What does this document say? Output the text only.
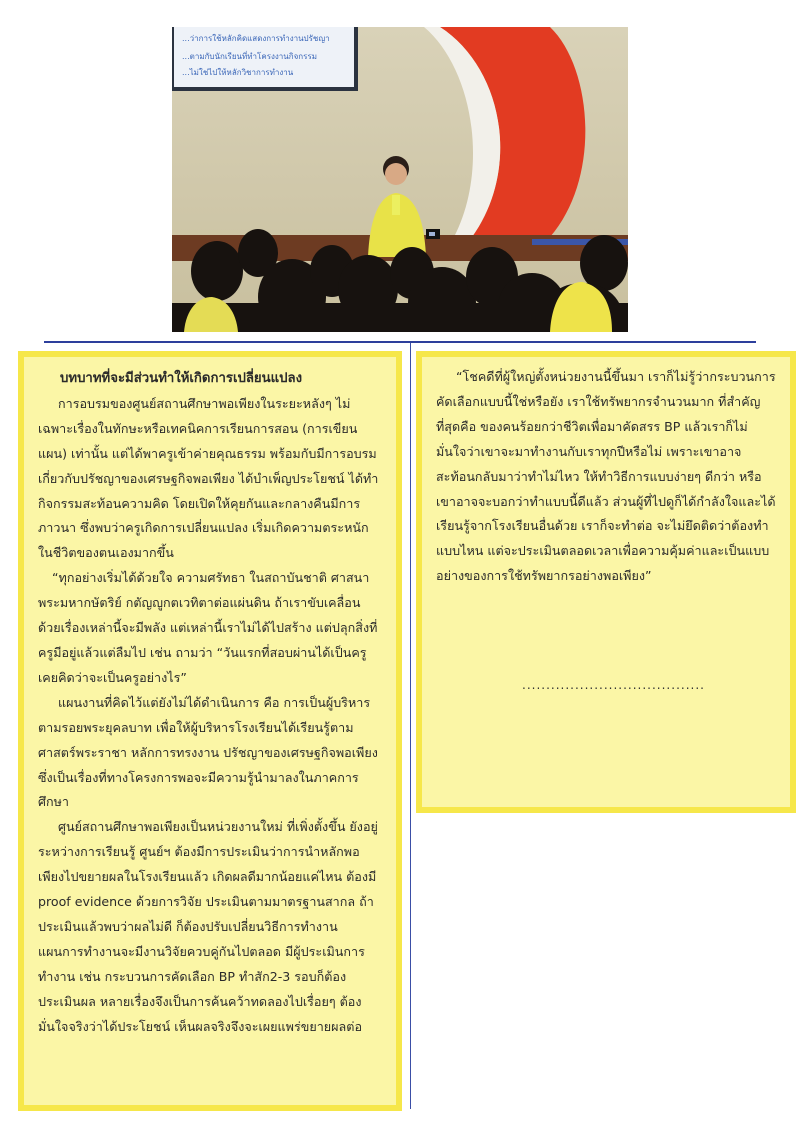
...ว่าการใช้หลักคิดแสดงการทำงานปรัชญา
...ตามกับนักเรียนที่ทำโครงงานกิจกรรม
...ไม่ใช่ไปให้หลักวิชาการทำงาน

บทบาทที่จะมีส่วนทำให้เกิดการเปลี่ยนแปลง

การอบรมของศูนย์สถานศึกษาพอเพียงในระยะหลังๆ ไม่เฉพาะเรื่องในทักษะหรือเทคนิคการเรียนการสอน (การเขียนแผน) เท่านั้น แต่ได้พาครูเข้าค่ายคุณธรรม พร้อมกับมีการอบรมเกี่ยวกับปรัชญาของเศรษฐกิจพอเพียง ได้บำเพ็ญประโยชน์ ได้ทำกิจกรรมสะท้อนความคิด โดยเปิดให้คุยกันและกลางคืนมีการภาวนา ซึ่งพบว่าครูเกิดการเปลี่ยนแปลง เริ่มเกิดความตระหนักในชีวิตของตนเองมากขึ้น

“ทุกอย่างเริ่มได้ด้วยใจ ความศรัทธา ในสถาบันชาติ ศาสนา พระมหากษัตริย์ กตัญญูกตเวทิตาต่อแผ่นดิน ถ้าเราขับเคลื่อนด้วยเรื่องเหล่านี้จะมีพลัง แต่เหล่านี้เราไม่ได้ไปสร้าง แต่ปลุกสิ่งที่ครูมีอยู่แล้วแต่ลืมไป เช่น ถามว่า “วันแรกที่สอบผ่านได้เป็นครู เคยคิดว่าจะเป็นครูอย่างไร”

แผนงานที่คิดไว้แต่ยังไม่ได้ดำเนินการ คือ การเป็นผู้บริหารตามรอยพระยุคลบาท เพื่อให้ผู้บริหารโรงเรียนได้เรียนรู้ตามศาสตร์พระราชา หลักการทรงงาน ปรัชญาของเศรษฐกิจพอเพียง ซึ่งเป็นเรื่องที่ทางโครงการพอจะมีความรู้นำมาลงในภาคการศึกษา

ศูนย์สถานศึกษาพอเพียงเป็นหน่วยงานใหม่ ที่เพิ่งตั้งขึ้น ยังอยู่ระหว่างการเรียนรู้ ศูนย์ฯ ต้องมีการประเมินว่าการนำหลักพอเพียงไปขยายผลในโรงเรียนแล้ว เกิดผลดีมากน้อยแค่ไหน ต้องมี proof evidence ด้วยการวิจัย ประเมินตามมาตรฐานสากล ถ้าประเมินแล้วพบว่าผลไม่ดี ก็ต้องปรับเปลี่ยนวิธีการทำงานแผนการทำงานจะมีงานวิจัยควบคู่กันไปตลอด มีผู้ประเมินการทำงาน เช่น กระบวนการคัดเลือก BP ทำสัก2-3 รอบก็ต้องประเมินผล หลายเรื่องจึงเป็นการค้นคว้าทดลองไปเรื่อยๆ ต้องมั่นใจจริงว่าได้ประโยชน์ เห็นผลจริงจึงจะเผยแพร่ขยายผลต่อ

“โชคดีที่ผู้ใหญ่ตั้งหน่วยงานนี้ขึ้นมา เราก็ไม่รู้ว่ากระบวนการคัดเลือกแบบนี้ใช่หรือยัง เราใช้ทรัพยากรจำนวนมาก ที่สำคัญที่สุดคือ ของคนร้อยกว่าชีวิตเพื่อมาคัดสรร BP แล้วเราก็ไม่มั่นใจว่าเขาจะมาทำงานกับเราทุกปีหรือไม่ เพราะเขาอาจสะท้อนกลับมาว่าทำไม่ไหว ให้ทำวิธีการแบบง่ายๆ ดีกว่า หรือเขาอาจจะบอกว่าทำแบบนี้ดีแล้ว ส่วนผู้ที่ไปดูก็ได้กำลังใจและได้เรียนรู้จากโรงเรียนอื่นด้วย เราก็จะทำต่อ จะไม่ยึดติดว่าต้องทำแบบไหน แต่จะประเมินตลอดเวลาเพื่อความคุ้มค่าและเป็นแบบอย่างของการใช้ทรัพยากรอย่างพอเพียง”

......................................
